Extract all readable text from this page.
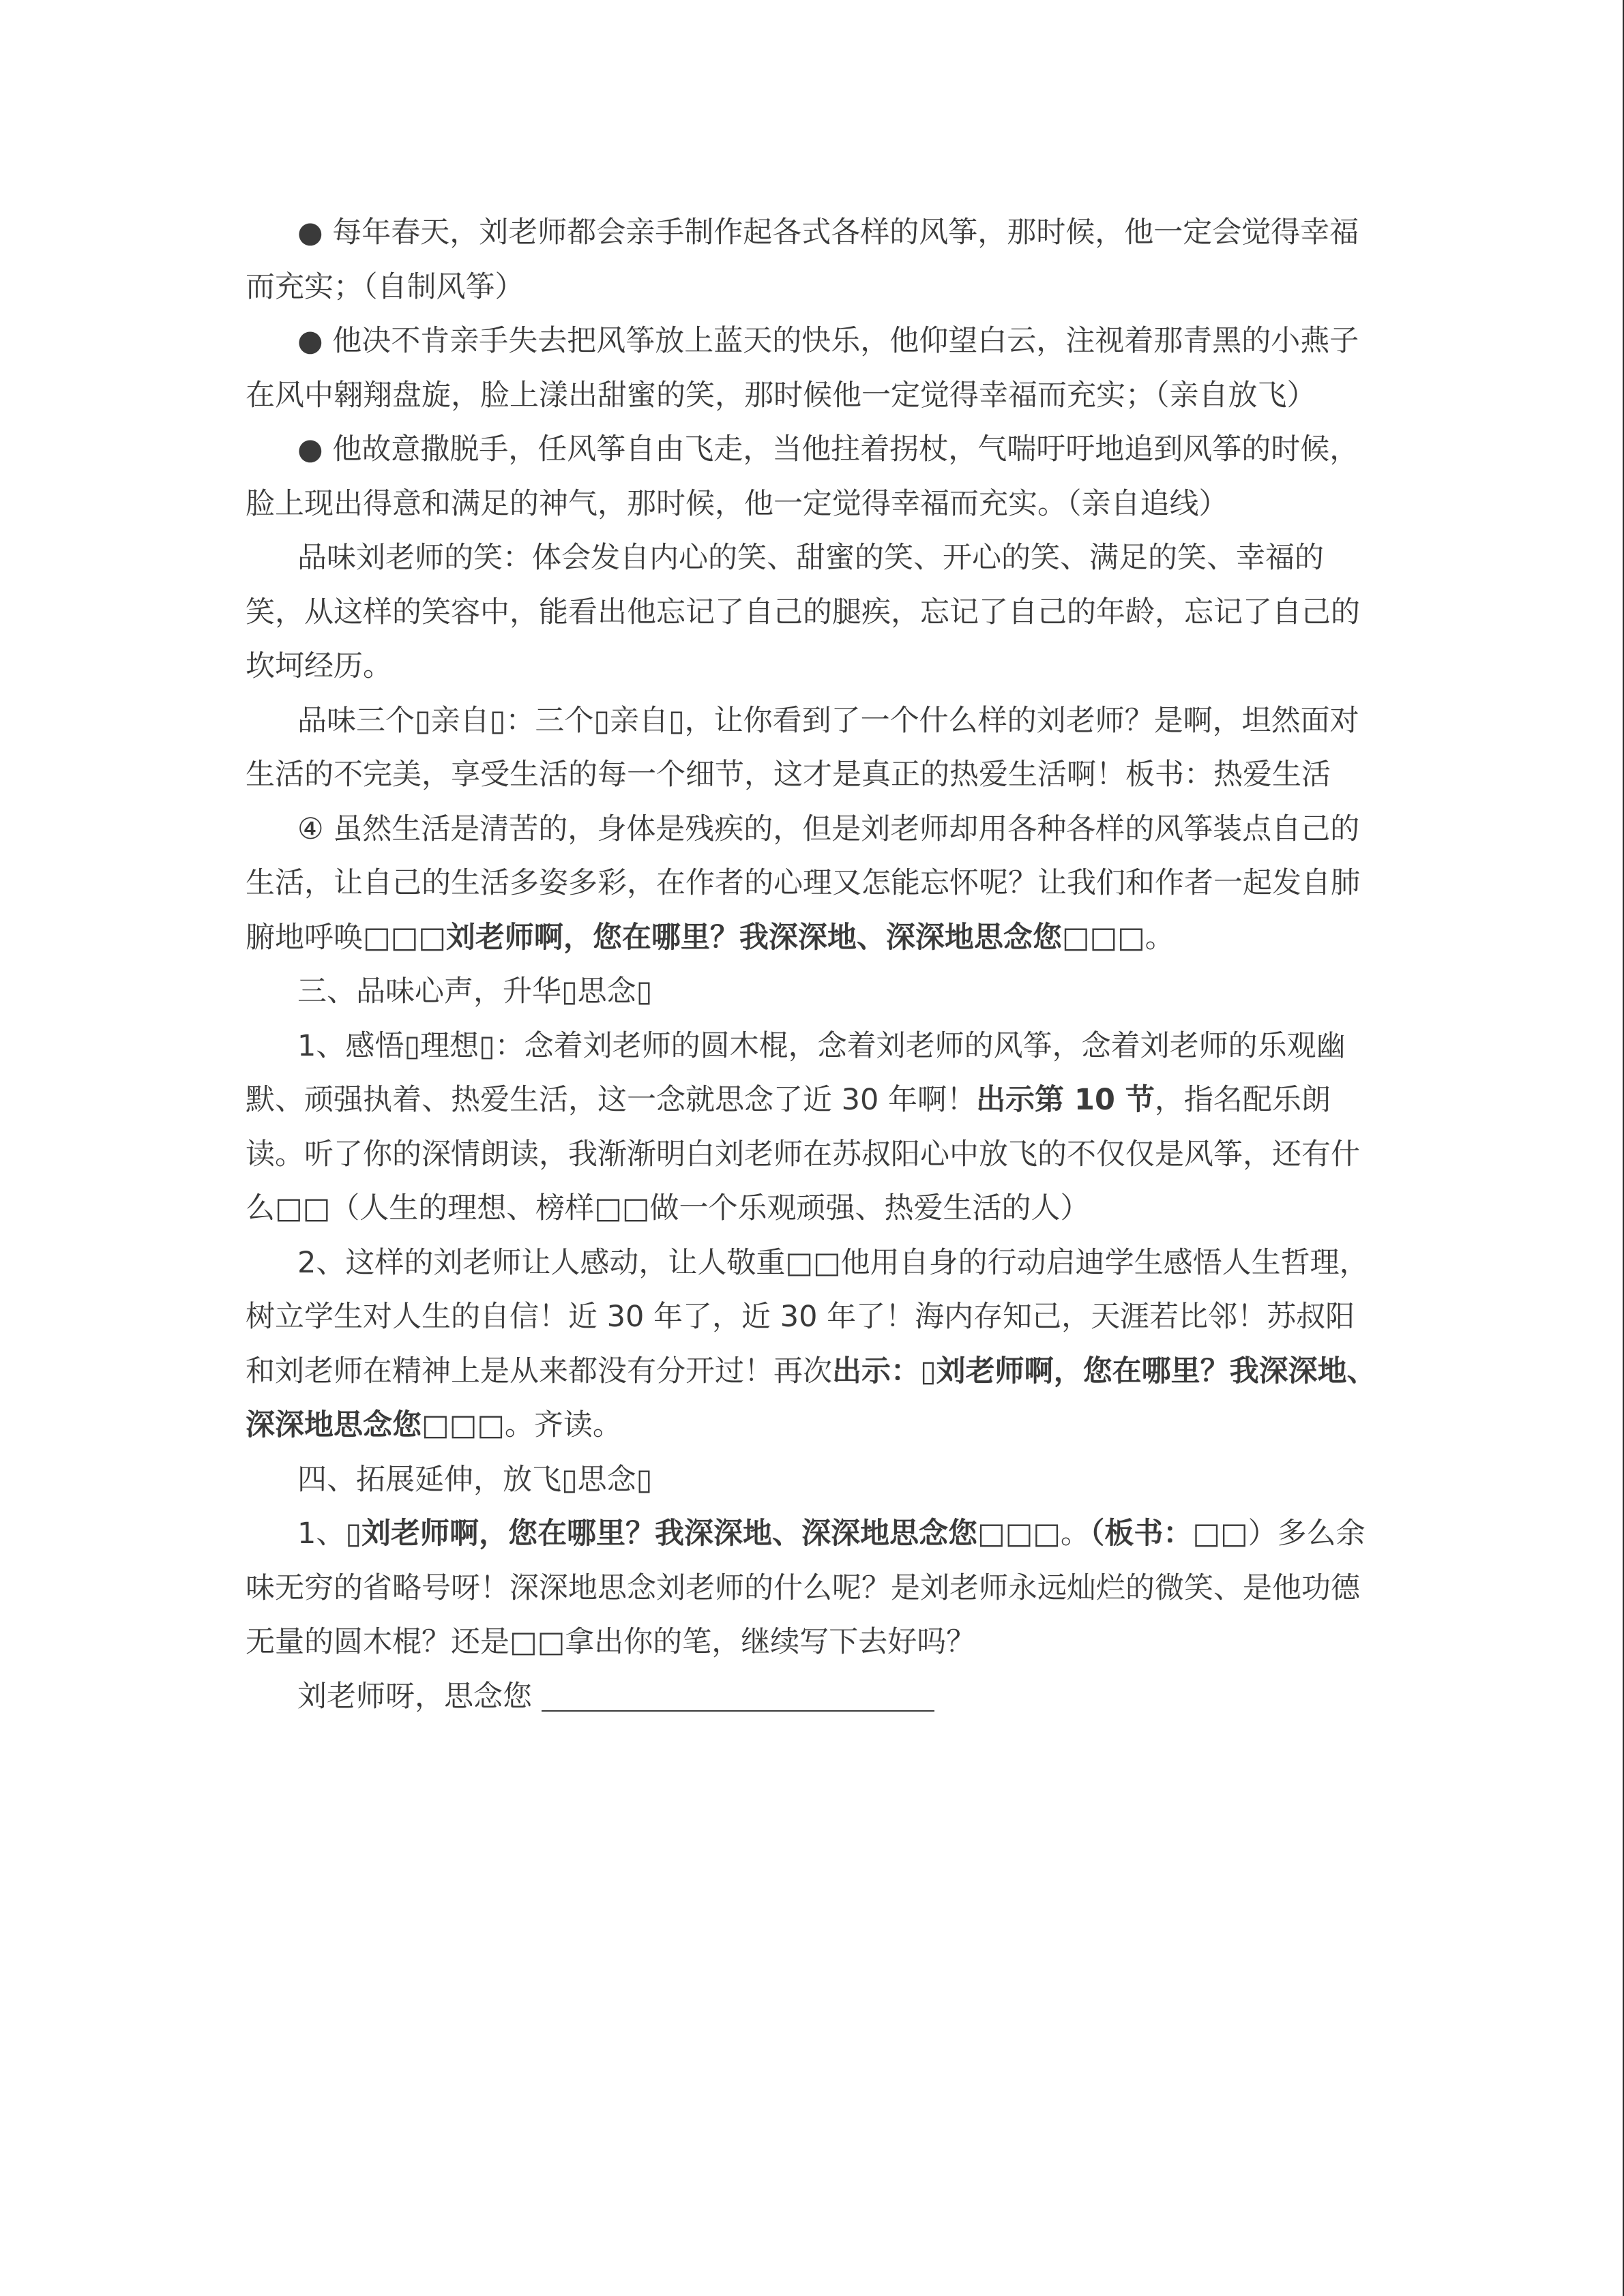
● 每年春天，刘老师都会亲手制作起各式各样的风筝，那时候，他一定会觉得幸福而充实；（自制风筝）

● 他决不肯亲手失去把风筝放上蓝天的快乐，他仰望白云，注视着那青黑的小燕子在风中翱翔盘旋，脸上漾出甜蜜的笑，那时候他一定觉得幸福而充实；（亲自放飞）

● 他故意撒脱手，任风筝自由飞走，当他拄着拐杖，气喘吁吁地追到风筝的时候，脸上现出得意和满足的神气，那时候，他一定觉得幸福而充实。（亲自追线）

品味刘老师的笑：体会发自内心的笑、甜蜜的笑、开心的笑、满足的笑、幸福的笑，从这样的笑容中，能看出他忘记了自己的腿疾，忘记了自己的年龄，忘记了自己的坎坷经历。

品味三个▯亲自▯：三个▯亲自▯，让你看到了一个什么样的刘老师？是啊，坦然面对生活的不完美，享受生活的每一个细节，这才是真正的热爱生活啊！板书：热爱生活

④ 虽然生活是清苦的，身体是残疾的，但是刘老师却用各种各样的风筝装点自己的生活，让自己的生活多姿多彩，在作者的心理又怎能忘怀呢？让我们和作者一起发自肺腑地呼唤□□□刘老师啊，您在哪里？我深深地、深深地思念您□□□。

三、品味心声，升华▯思念▯

1、感悟▯理想▯：念着刘老师的圆木棍，念着刘老师的风筝，念着刘老师的乐观幽默、顽强执着、热爱生活，这一念就思念了近 30 年啊！出示第 10 节，指名配乐朗读。听了你的深情朗读，我渐渐明白刘老师在苏叔阳心中放飞的不仅仅是风筝，还有什么□□（人生的理想、榜样□□做一个乐观顽强、热爱生活的人）

2、这样的刘老师让人感动，让人敬重□□他用自身的行动启迪学生感悟人生哲理，树立学生对人生的自信！近 30 年了，近 30 年了！海内存知己，天涯若比邻！苏叔阳和刘老师在精神上是从来都没有分开过！再次出示：▯刘老师啊，您在哪里？我深深地、深深地思念您□□□。齐读。

四、拓展延伸，放飞▯思念▯

1、▯刘老师啊，您在哪里？我深深地、深深地思念您□□□。（板书：□□）多么余味无穷的省略号呀！深深地思念刘老师的什么呢？是刘老师永远灿烂的微笑、是他功德无量的圆木棍？还是□□拿出你的笔，继续写下去好吗？

刘老师呀，思念您
